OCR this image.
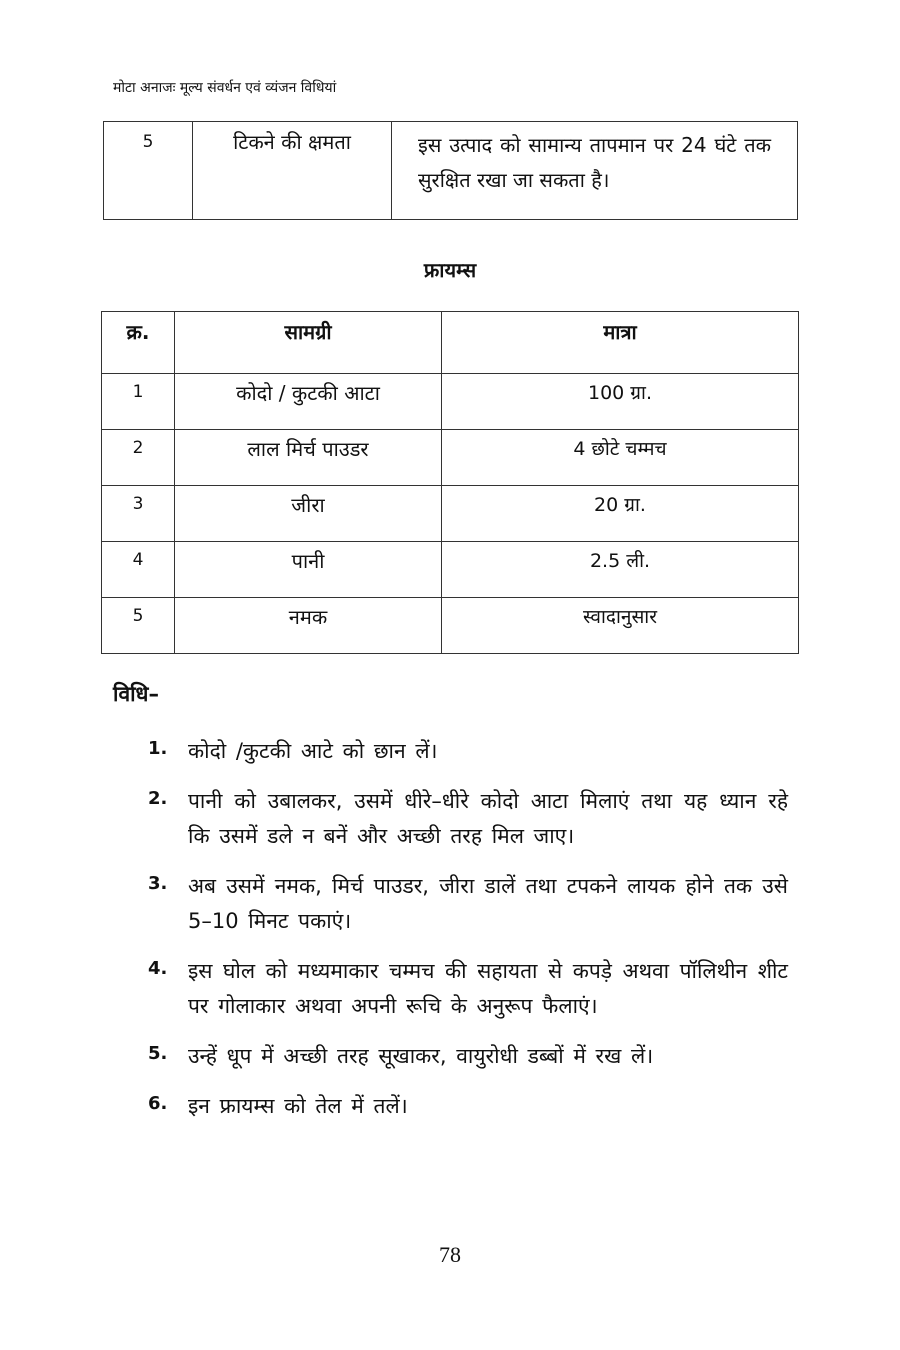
मोटा अनाजः मूल्य संवर्धन एवं व्यंजन विधियां
5	टिकने की क्षमता	इस उत्पाद को सामान्य तापमान पर 24 घंटे तक सुरक्षित रखा जा सकता है।
फ्रायम्स
क्र.	सामग्री	मात्रा
1	कोदो / कुटकी आटा	100 ग्रा.
2	लाल मिर्च पाउडर	4 छोटे चम्मच
3	जीरा	20 ग्रा.
4	पानी	2.5 ली.
5	नमक	स्वादानुसार
विधि–
1. कोदो /कुटकी आटे को छान लें।
2. पानी को उबालकर, उसमें धीरे–धीरे कोदो आटा मिलाएं तथा यह ध्यान रहे कि उसमें डले न बनें और अच्छी तरह मिल जाए।
3. अब उसमें नमक, मिर्च पाउडर, जीरा डालें तथा टपकने लायक होने तक उसे 5–10 मिनट पकाएं।
4. इस घोल को मध्यमाकार चम्मच की सहायता से कपड़े अथवा पॉलिथीन शीट पर गोलाकार अथवा अपनी रूचि के अनुरूप फैलाएं।
5. उन्हें धूप में अच्छी तरह सूखाकर, वायुरोधी डब्बों में रख लें।
6. इन फ्रायम्स को तेल में तलें।
78
